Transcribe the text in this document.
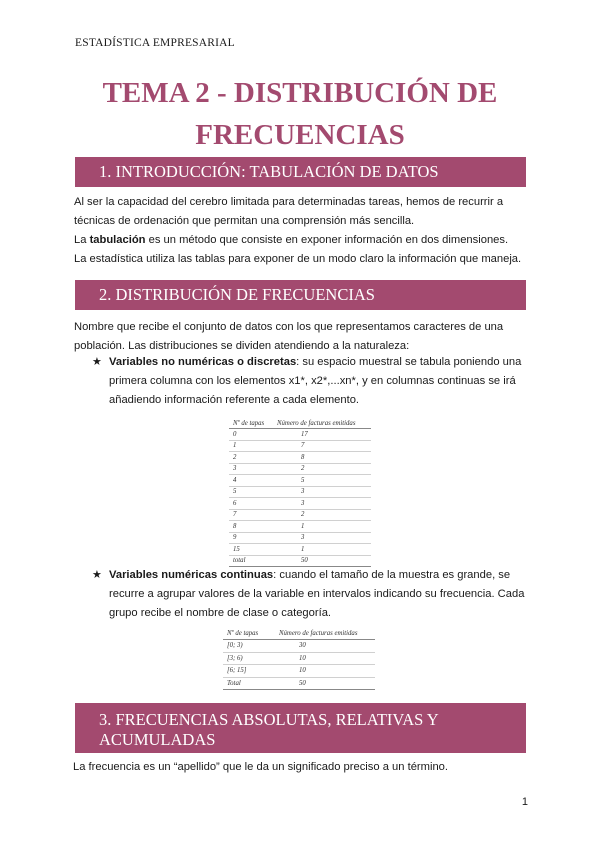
ESTADÍSTICA EMPRESARIAL
TEMA 2 - DISTRIBUCIÓN DE
FRECUENCIAS
1. INTRODUCCIÓN: TABULACIÓN DE DATOS
Al ser la capacidad del cerebro limitada para determinadas tareas, hemos de recurrir a
técnicas de ordenación que permitan una comprensión más sencilla.
La tabulación es un método que consiste en exponer información en dos dimensiones.
La estadística utiliza las tablas para exponer de un modo claro la información que maneja.
2. DISTRIBUCIÓN DE FRECUENCIAS
Nombre que recibe el conjunto de datos con los que representamos caracteres de una
población. Las distribuciones se dividen atendiendo a la naturaleza:
★ Variables no numéricas o discretas: su espacio muestral se tabula poniendo una
primera columna con los elementos x1*, x2*,...xn*, y en columnas continuas se irá
añadiendo información referente a cada elemento.
Nº de tapas	Número de facturas emitidas
0	17
1	7
2	8
3	2
4	5
5	3
6	3
7	2
8	1
9	3
15	1
total	50
★ Variables numéricas continuas: cuando el tamaño de la muestra es grande, se
recurre a agrupar valores de la variable en intervalos indicando su frecuencia. Cada
grupo recibe el nombre de clase o categoría.
Nº de tapas	Número de facturas emitidas
[0; 3)	30
[3; 6)	10
[6; 15]	10
Total	50
3. FRECUENCIAS ABSOLUTAS, RELATIVAS Y
ACUMULADAS
La frecuencia es un “apellido” que le da un significado preciso a un término.
1
